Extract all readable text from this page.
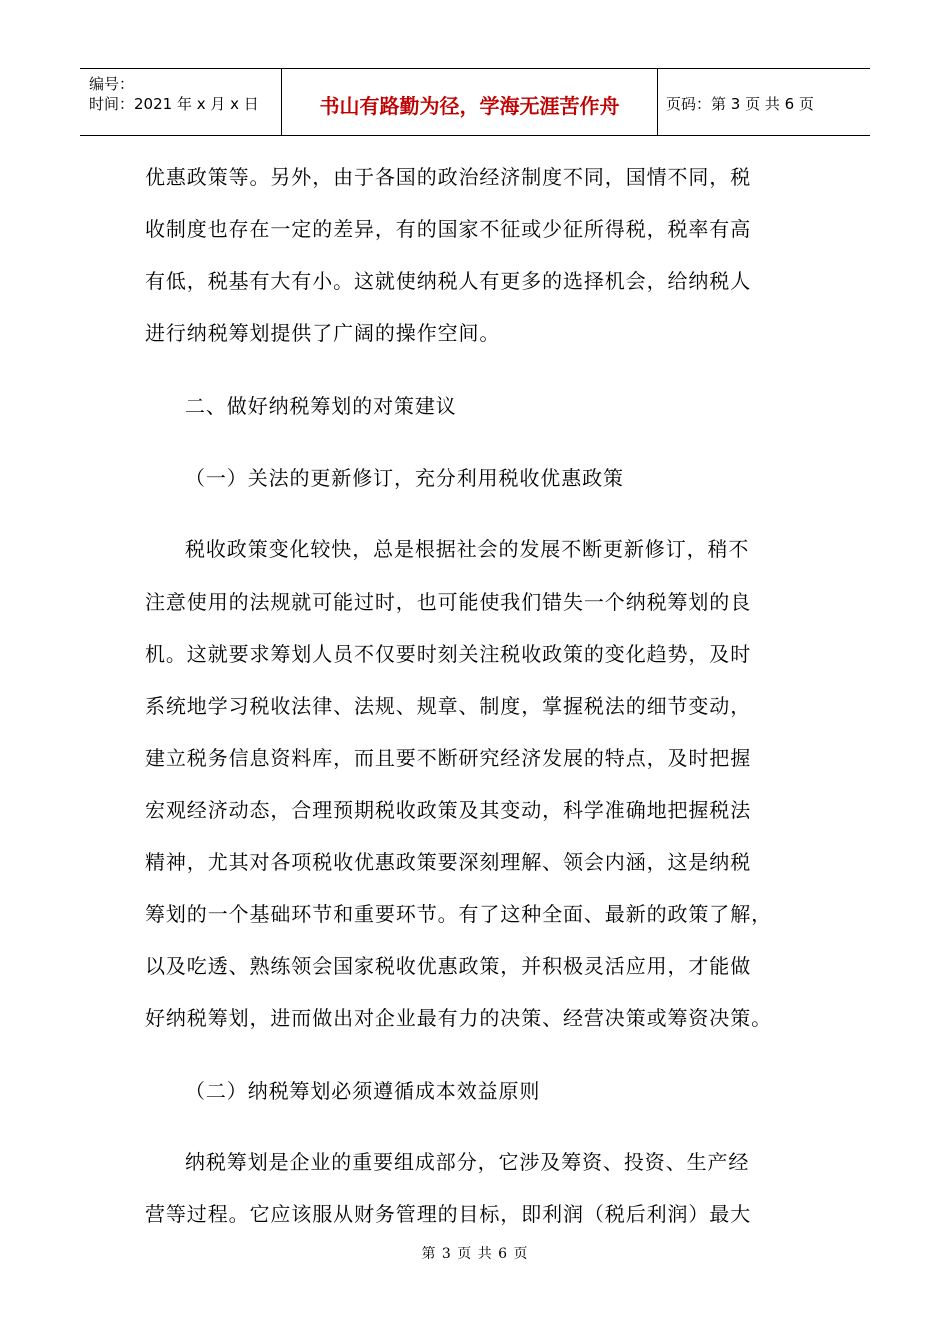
编号：
时间：2021 年 x 月 x 日	书山有路勤为径，学海无涯苦作舟	页码：第 3 页 共 6 页
优惠政策等。另外，由于各国的政治经济制度不同，国情不同，税
收制度也存在一定的差异，有的国家不征或少征所得税，税率有高
有低，税基有大有小。这就使纳税人有更多的选择机会，给纳税人
进行纳税筹划提供了广阔的操作空间。
二、做好纳税筹划的对策建议
（一）关法的更新修订，充分利用税收优惠政策
税收政策变化较快，总是根据社会的发展不断更新修订，稍不
注意使用的法规就可能过时，也可能使我们错失一个纳税筹划的良
机。这就要求筹划人员不仅要时刻关注税收政策的变化趋势，及时
系统地学习税收法律、法规、规章、制度，掌握税法的细节变动，
建立税务信息资料库，而且要不断研究经济发展的特点，及时把握
宏观经济动态，合理预期税收政策及其变动，科学准确地把握税法
精神，尤其对各项税收优惠政策要深刻理解、领会内涵，这是纳税
筹划的一个基础环节和重要环节。有了这种全面、最新的政策了解，
以及吃透、熟练领会国家税收优惠政策，并积极灵活应用，才能做
好纳税筹划，进而做出对企业最有力的决策、经营决策或筹资决策。
（二）纳税筹划必须遵循成本效益原则
纳税筹划是企业的重要组成部分，它涉及筹资、投资、生产经
营等过程。它应该服从财务管理的目标，即利润（税后利润）最大
第 3 页 共 6 页
